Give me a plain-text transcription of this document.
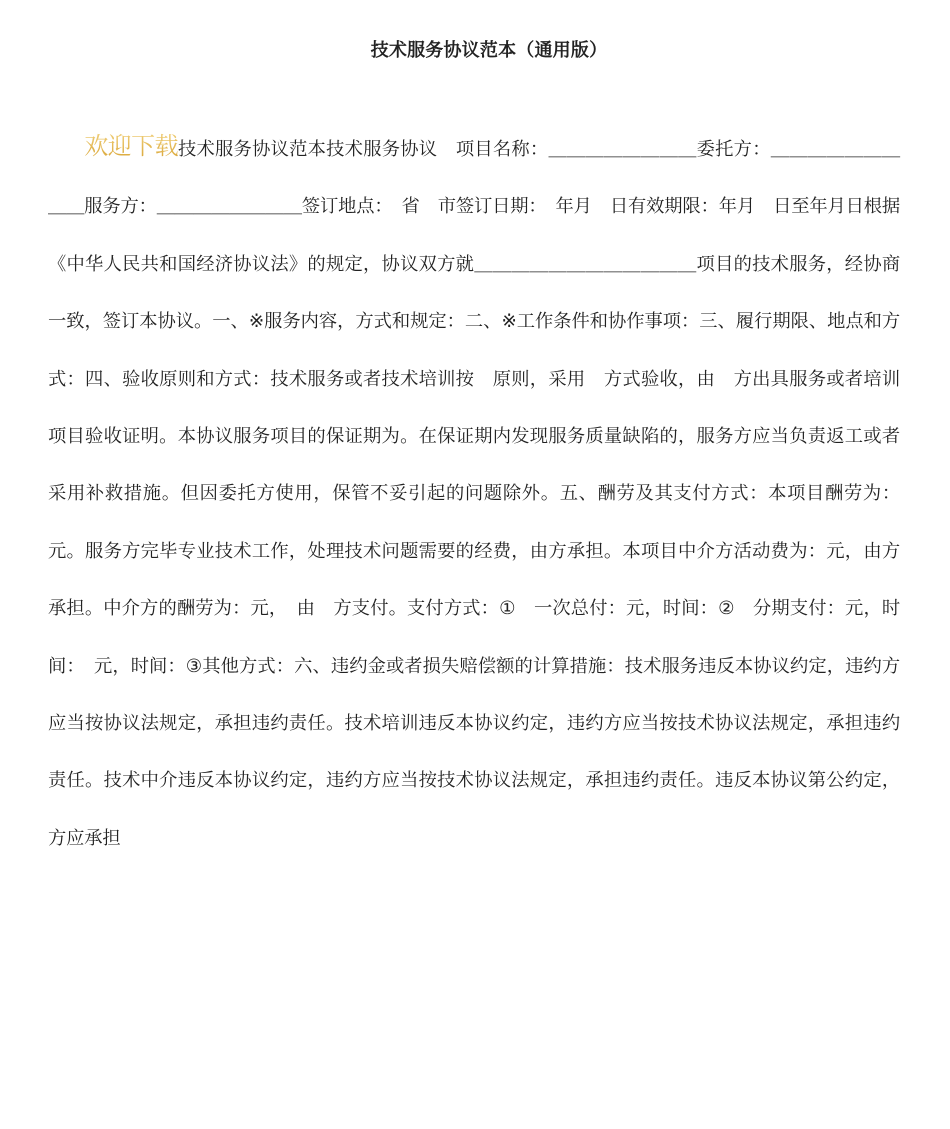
技术服务协议范本（通用版）
欢迎下载技术服务协议范本技术服务协议　项目名称：＿＿＿＿＿＿＿＿委托方：＿＿＿＿＿＿＿＿＿服务方：＿＿＿＿＿＿＿＿签订地点：　省　市签订日期：　年月　日有效期限：年月　日至年月日根据《中华人民共和国经济协议法》的规定，协议双方就＿＿＿＿＿＿＿＿＿＿＿＿项目的技术服务，经协商一致，签订本协议。一、※服务内容，方式和规定：二、※工作条件和协作事项：三、履行期限、地点和方式：四、验收原则和方式：技术服务或者技术培训按　原则，采用　方式验收，由　方出具服务或者培训项目验收证明。本协议服务项目的保证期为。在保证期内发现服务质量缺陷的，服务方应当负责返工或者采用补救措施。但因委托方使用，保管不妥引起的问题除外。五、酬劳及其支付方式：本项目酬劳为：元。服务方完毕专业技术工作，处理技术问题需要的经费，由方承担。本项目中介方活动费为：元，由方承担。中介方的酬劳为：元，　由　方支付。支付方式：①　一次总付：元，时间：②　分期支付：元，时间：　元，时间：③其他方式：六、违约金或者损失赔偿额的计算措施：技术服务违反本协议约定，违约方应当按协议法规定，承担违约责任。技术培训违反本协议约定，违约方应当按技术协议法规定，承担违约责任。技术中介违反本协议约定，违约方应当按技术协议法规定，承担违约责任。违反本协议第公约定，方应承担
